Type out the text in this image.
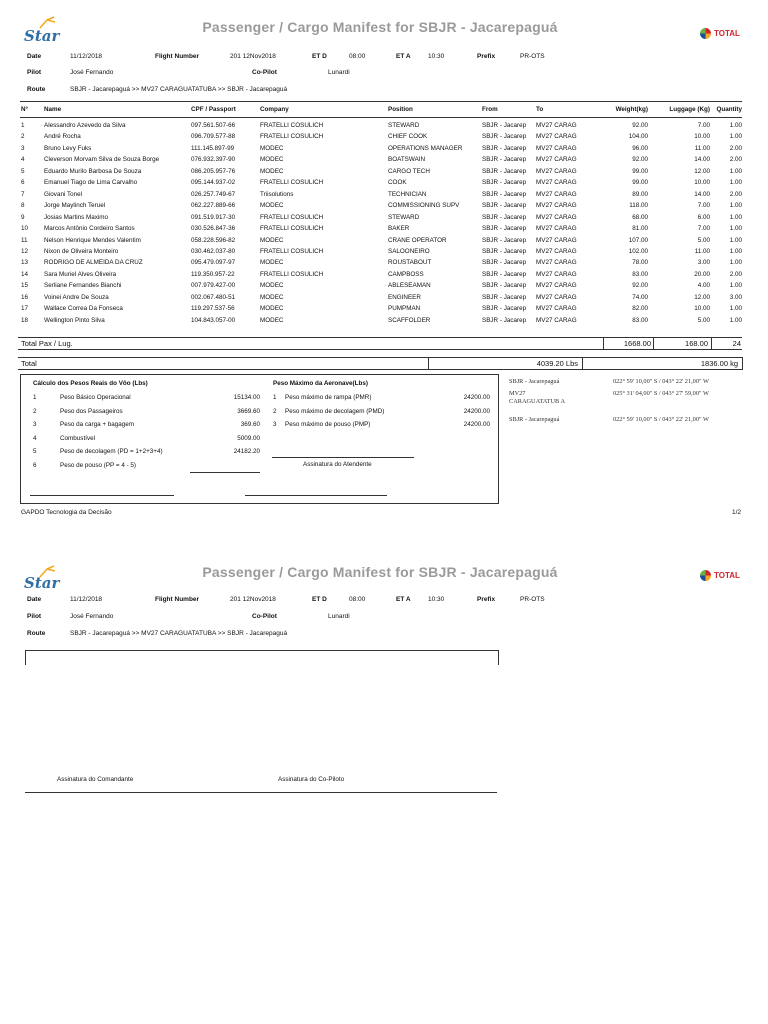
Star	Passenger / Cargo Manifest for SBJR - Jacarepaguá	TOTAL
Date	11/12/2018	Flight Number	201 12Nov2018	ET D	08:00	ET A	10:30	Prefix	PR-OTS
Pilot	José Fernando	Co-Pilot	Lunardi
Route	SBJR - Jacarepaguá >> MV27 CARAGUATATUBA >> SBJR - Jacarepaguá
N°	Name	CPF / Passport	Company	Position	From	To	Weight(kg)	Luggage (Kg)	Quantity
1	Alessandro Azevedo da Silva	097.561.507-66	FRATELLI COSULICH	STEWARD	SBJR - Jacarep	MV27 CARAG	92.00	7.00	1.00
2	André Rocha	096.709.577-88	FRATELLI COSULICH	CHIEF COOK	SBJR - Jacarep	MV27 CARAG	104.00	10.00	1.00
3	Bruno Levy Fuks	111.145.897-99	MODEC	OPERATIONS MANAGER	SBJR - Jacarep	MV27 CARAG	96.00	11.00	2.00
4	Cleverson Morvam Silva de Souza Borge	076.932.397-90	MODEC	BOATSWAIN	SBJR - Jacarep	MV27 CARAG	92.00	14.00	2.00
5	Eduardo Murilo Barbosa De Souza	086.205.957-76	MODEC	CARGO TECH	SBJR - Jacarep	MV27 CARAG	99.00	12.00	1.00
6	Emanuel Tiago de Lima Carvalho	095.144.937-02	FRATELLI COSULICH	COOK	SBJR - Jacarep	MV27 CARAG	99.00	10.00	1.00
7	Giovani Tonel	026.257.749-67	Triisolutions	TECHNICIAN	SBJR - Jacarep	MV27 CARAG	89.00	14.00	2.00
8	Jorge Maylinch Teruel	062.227.889-66	MODEC	COMMISSIONING SUPV	SBJR - Jacarep	MV27 CARAG	118.00	7.00	1.00
9	Josias Martins Maximo	091.519.917-30	FRATELLI COSULICH	STEWARD	SBJR - Jacarep	MV27 CARAG	68.00	6.00	1.00
10	Marcos Antônio Cordeiro Santos	030.526.847-36	FRATELLI COSULICH	BAKER	SBJR - Jacarep	MV27 CARAG	81.00	7.00	1.00
11	Nelson Henrique Mendes Valentim	058.228.596-82	MODEC	CRANE OPERATOR	SBJR - Jacarep	MV27 CARAG	107.00	5.00	1.00
12	Nixon de Oliveira Monteiro	030.462.037-80	FRATELLI COSULICH	SALOONEIRO	SBJR - Jacarep	MV27 CARAG	102.00	11.00	1.00
13	RODRIGO DE ALMEIDA DA CRUZ	095.479.097-97	MODEC	ROUSTABOUT	SBJR - Jacarep	MV27 CARAG	78.00	3.00	1.00
14	Sara Muriel Alves Oliveira	119.350.957-22	FRATELLI COSULICH	CAMPBOSS	SBJR - Jacarep	MV27 CARAG	83.00	20.00	2.00
15	Serliane Fernandes Bianchi	007.979.427-00	MODEC	ABLESEAMAN	SBJR - Jacarep	MV27 CARAG	92.00	4.00	1.00
16	Voinei Andre De Souza	002.067.480-51	MODEC	ENGINEER	SBJR - Jacarep	MV27 CARAG	74.00	12.00	3.00
17	Wallace Correa Da Fonseca	119.297.537-56	MODEC	PUMPMAN	SBJR - Jacarep	MV27 CARAG	82.00	10.00	1.00
18	Wellington Pinto Silva	104.843.057-00	MODEC	SCAFFOLDER	SBJR - Jacarep	MV27 CARAG	83.00	5.00	1.00
Total Pax / Lug.	1668.00	168.00	24
Total	4039.20 Lbs	1836.00 kg
Cálculo dos Pesos Reais do Vôo (Lbs)
1	Peso Básico Operacional	15134.00
2	Peso dos Passageiros	3669.60
3	Peso da carga + bagagem	369.60
4	Combustível	5009.00
5	Peso de decolagem (PD = 1+2+3+4)	24182.20
6	Peso de pouso (PP = 4 - 5)
Peso Máximo da Aeronave(Lbs)
1 Peso máximo de rampa (PMR)	24200.00
2 Peso máximo de decolagem (PMD)	24200.00
3 Peso máximo de pouso (PMP)	24200.00
Assinatura do Atendente
SBJR - Jacarepaguá	022° 59' 10,00" S / 043° 22' 21,00" W
MV27 CARAGUATATUB A
025° 31' 04,00" S / 043° 27' 59,00" W
SBJR - Jacarepaguá	022° 59' 10,00" S / 043° 22' 21,00" W
GAPDO Tecnologia da Decisão	1/2
Star
Passenger / Cargo Manifest for SBJR - Jacarepaguá	TOTAL
Date	11/12/2018	Flight Number	201 12Nov2018	ET D	08:00	ET A	10:30	Prefix	PR-OTS
Pilot	José Fernando	Co-Pilot	Lunardi
Route	SBJR - Jacarepaguá >> MV27 CARAGUATATUBA >> SBJR - Jacarepaguá
Assinatura do Comandante	Assinatura do Co-Piloto
